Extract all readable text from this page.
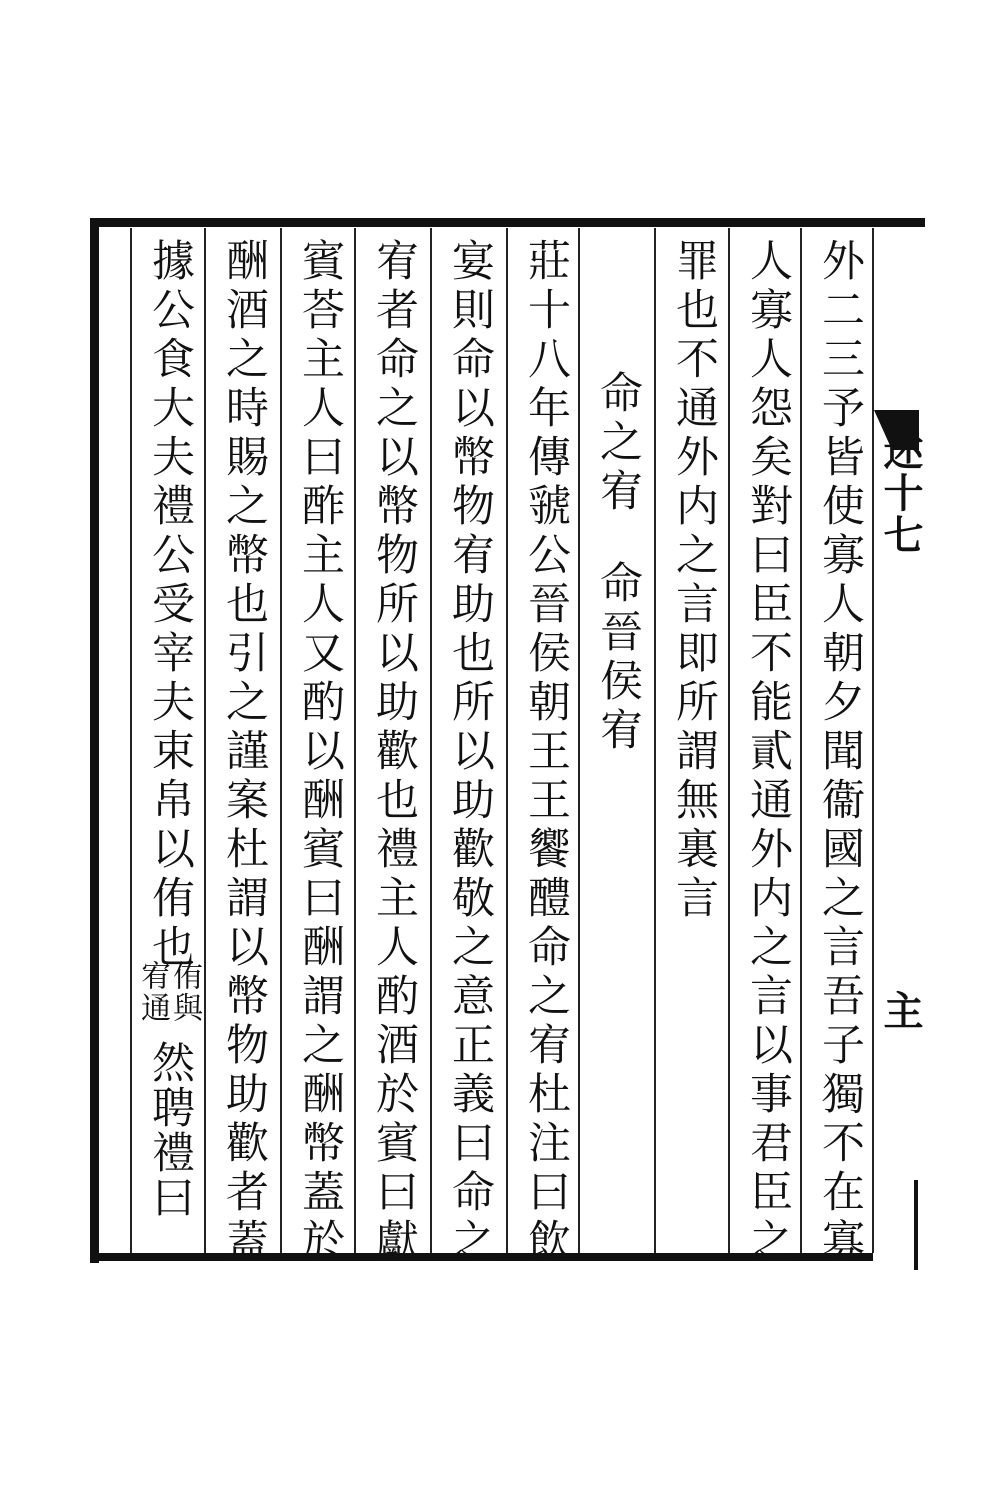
述十七
主
外二三予皆使寡人朝夕聞衞國之言吾子獨不在寡
人寡人怨矣對曰臣不能貳通外内之言以事君臣之
罪也不通外内之言即所謂無裏言
命之宥
命晉侯宥
莊十八年傳虢公晉侯朝王王饗醴命之宥杜注曰飲
宴則命以幣物宥助也所以助歡敬之意正義曰命之
宥者命之以幣物所以助歡也禮主人酌酒於賓曰獻
賓荅主人曰酢主人又酌以酬賓曰酬謂之酬幣蓋於
酬酒之時賜之幣也引之謹案杜謂以幣物助歡者蓋
據公食大夫禮公受宰夫束帛以侑也
侑與
宥通
然聘禮曰
